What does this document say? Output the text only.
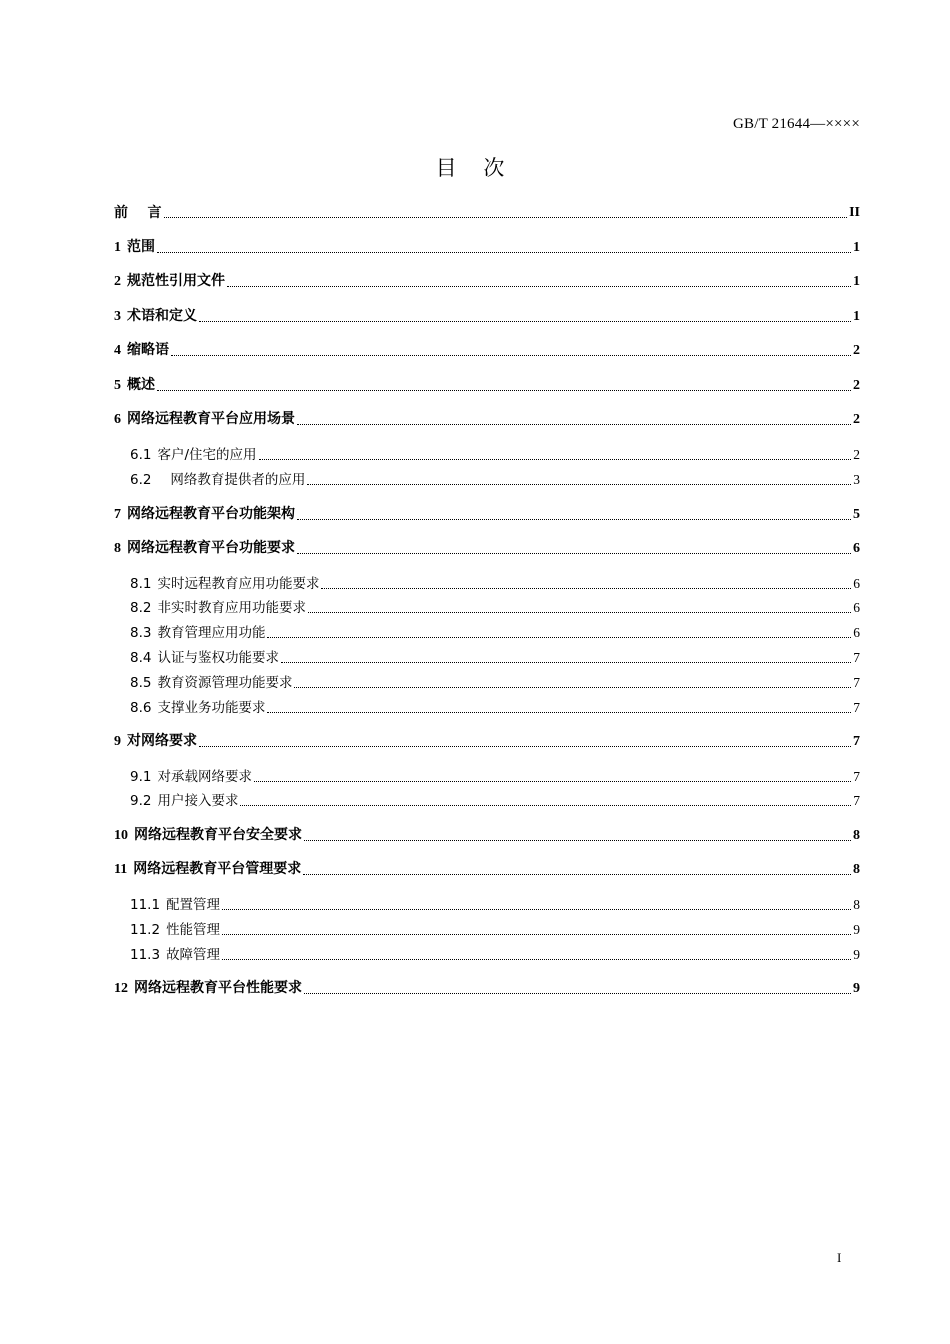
GB/T 21644—××××
目 次
前    言	II
1 范围	1
2 规范性引用文件	1
3 术语和定义	1
4 缩略语	2
5 概述	2
6 网络远程教育平台应用场景	2
6.1 客户/住宅的应用	2
6.2   网络教育提供者的应用	3
7 网络远程教育平台功能架构	5
8 网络远程教育平台功能要求	6
8.1 实时远程教育应用功能要求	6
8.2 非实时教育应用功能要求	6
8.3 教育管理应用功能	6
8.4 认证与鉴权功能要求	7
8.5 教育资源管理功能要求	7
8.6 支撑业务功能要求	7
9 对网络要求	7
9.1 对承载网络要求	7
9.2 用户接入要求	7
10 网络远程教育平台安全要求	8
11 网络远程教育平台管理要求	8
11.1 配置管理	8
11.2 性能管理	9
11.3 故障管理	9
12 网络远程教育平台性能要求	9
I
